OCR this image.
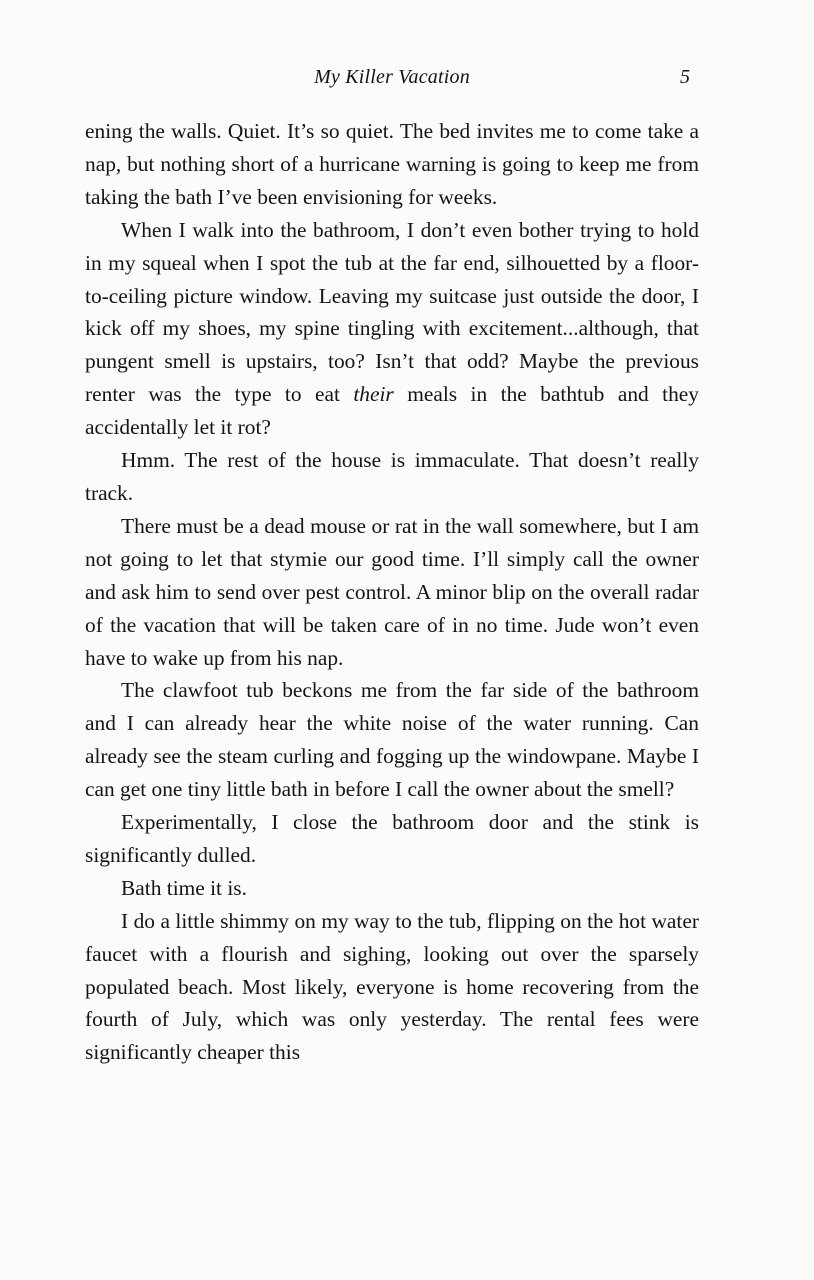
My Killer Vacation	5

ening the walls. Quiet. It’s so quiet. The bed invites me to come take a nap, but nothing short of a hurricane warning is going to keep me from taking the bath I’ve been envisioning for weeks.

When I walk into the bathroom, I don’t even bother trying to hold in my squeal when I spot the tub at the far end, silhouetted by a floor-to-ceiling picture window. Leaving my suitcase just outside the door, I kick off my shoes, my spine tingling with excitement...although, that pungent smell is upstairs, too? Isn’t that odd? Maybe the previous renter was the type to eat their meals in the bathtub and they accidentally let it rot?

Hmm. The rest of the house is immaculate. That doesn’t really track.

There must be a dead mouse or rat in the wall somewhere, but I am not going to let that stymie our good time. I’ll simply call the owner and ask him to send over pest control. A minor blip on the overall radar of the vacation that will be taken care of in no time. Jude won’t even have to wake up from his nap.

The clawfoot tub beckons me from the far side of the bathroom and I can already hear the white noise of the water running. Can already see the steam curling and fogging up the windowpane. Maybe I can get one tiny little bath in before I call the owner about the smell?

Experimentally, I close the bathroom door and the stink is significantly dulled.

Bath time it is.

I do a little shimmy on my way to the tub, flipping on the hot water faucet with a flourish and sighing, looking out over the sparsely populated beach. Most likely, everyone is home recovering from the fourth of July, which was only yesterday. The rental fees were significantly cheaper this
